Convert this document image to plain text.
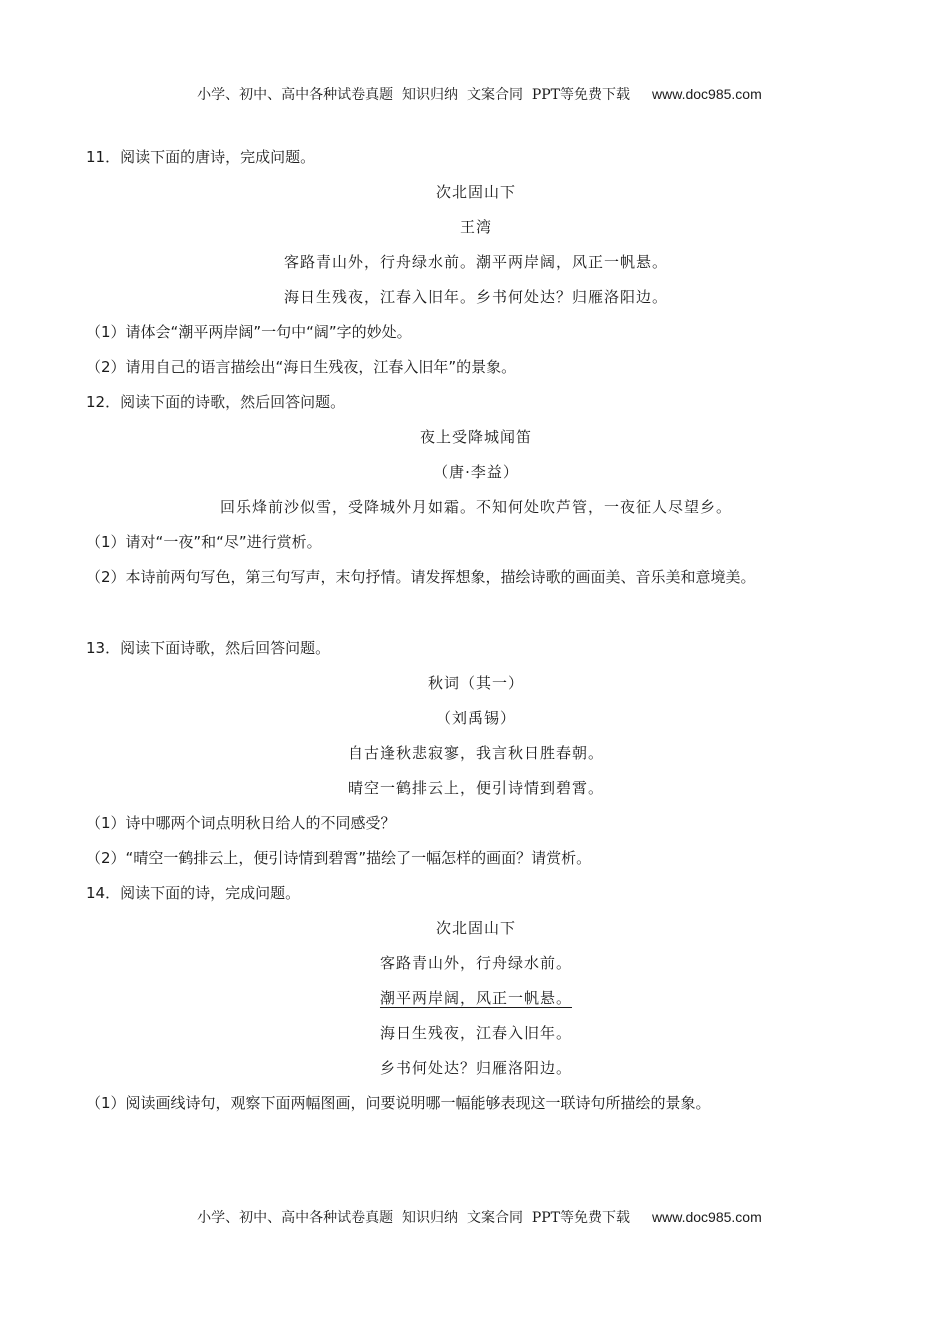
小学、初中、高中各种试卷真题  知识归纳  文案合同  PPT等免费下载 www.doc985.com

11．阅读下面的唐诗，完成问题。
次北固山下
王湾
客路青山外，行舟绿水前。潮平两岸阔，风正一帆悬。
海日生残夜，江春入旧年。乡书何处达？归雁洛阳边。
（1）请体会“潮平两岸阔”一句中“阔”字的妙处。
（2）请用自己的语言描绘出“海日生残夜，江春入旧年”的景象。
12．阅读下面的诗歌，然后回答问题。
夜上受降城闻笛
（唐·李益）
回乐烽前沙似雪，受降城外月如霜。不知何处吹芦管，一夜征人尽望乡。
（1）请对“一夜”和“尽”进行赏析。
（2）本诗前两句写色，第三句写声，末句抒情。请发挥想象，描绘诗歌的画面美、音乐美和意境美。
13．阅读下面诗歌，然后回答问题。
秋词（其一）
（刘禹锡）
自古逢秋悲寂寥，我言秋日胜春朝。
晴空一鹤排云上，便引诗情到碧霄。
（1）诗中哪两个词点明秋日给人的不同感受？
（2）“晴空一鹤排云上，便引诗情到碧霄”描绘了一幅怎样的画面？请赏析。
14．阅读下面的诗，完成问题。
次北固山下
客路青山外，行舟绿水前。
潮平两岸阔，风正一帆悬。
海日生残夜，江春入旧年。
乡书何处达？归雁洛阳边。
（1）阅读画线诗句，观察下面两幅图画，问要说明哪一幅能够表现这一联诗句所描绘的景象。

小学、初中、高中各种试卷真题  知识归纳  文案合同  PPT等免费下载 www.doc985.com
